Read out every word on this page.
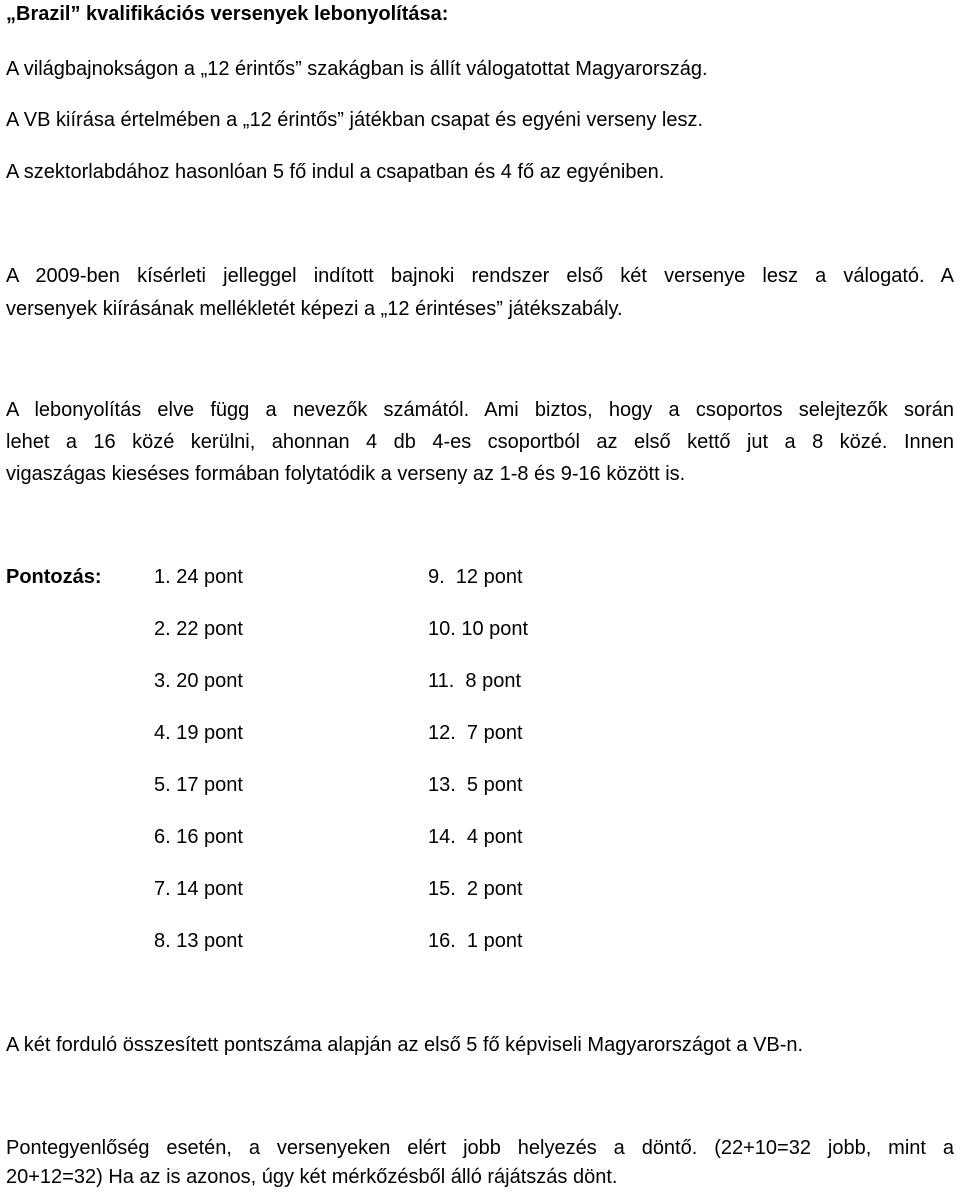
„Brazil” kvalifikációs versenyek lebonyolítása:
A világbajnokságon a „12 érintős” szakágban is állít válogatottat Magyarország.
A VB kiírása értelmében a „12 érintős” játékban csapat és egyéni verseny lesz.
A szektorlabdához hasonlóan 5 fő indul a csapatban és 4 fő az egyéniben.
A 2009-ben kísérleti jelleggel indított bajnoki rendszer első két versenye lesz a válogató. A
versenyek kiírásának mellékletét képezi a „12 érintéses” játékszabály.
A lebonyolítás elve függ a nevezők számától. Ami biztos, hogy a csoportos selejtezők során
lehet a 16 közé kerülni, ahonnan 4 db 4-es csoportból az első kettő jut a 8 közé. Innen
vigaszágas kieséses formában folytatódik a verseny az 1-8 és 9-16 között is.
Pontozás:	1. 24 pont
2. 22 pont
3. 20 pont
4. 19 pont
5. 17 pont
6. 16 pont
7. 14 pont
8. 13 pont
9.  12 pont
10. 10 pont
11.  8 pont
12.  7 pont
13.  5 pont
14.  4 pont
15.  2 pont
16.  1 pont
A két forduló összesített pontszáma alapján az első 5 fő képviseli Magyarországot a VB-n.
Pontegyenlőség esetén, a versenyeken elért jobb helyezés a döntő. (22+10=32 jobb, mint a
20+12=32) Ha az is azonos, úgy két mérkőzésből álló rájátszás dönt.
